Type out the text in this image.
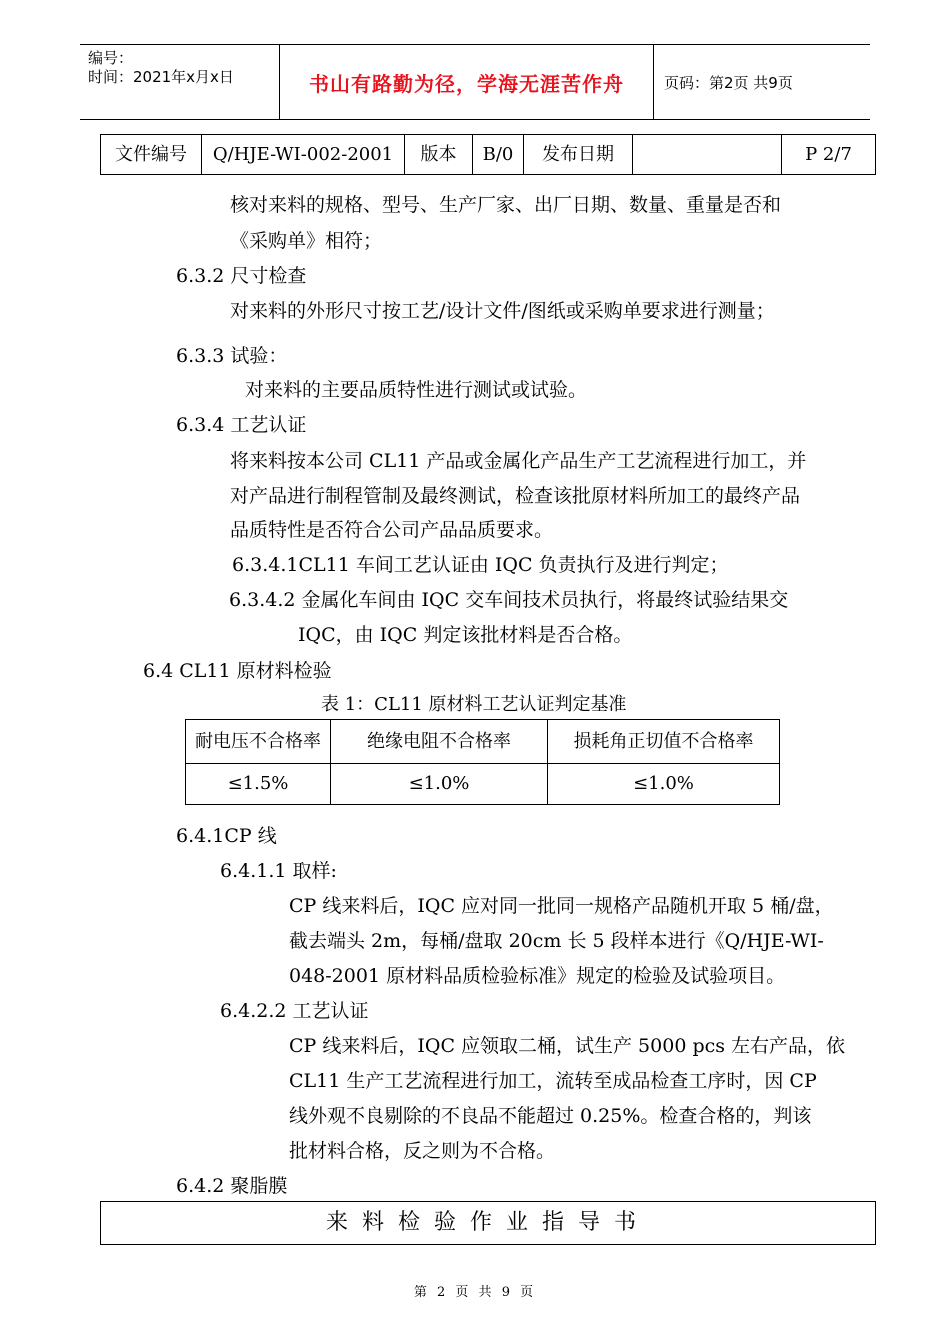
编号：
时间：2021年x月x日	书山有路勤为径，学海无涯苦作舟	页码：第2页 共9页
文件编号	Q/HJE-WI-002-2001	版本	B/0	发布日期	P 2/7
核对来料的规格、型号、生产厂家、出厂日期、数量、重量是否和
《采购单》相符；
6.3.2 尺寸检查
对来料的外形尺寸按工艺/设计文件/图纸或采购单要求进行测量；
6.3.3 试验：
对来料的主要品质特性进行测试或试验。
6.3.4 工艺认证
将来料按本公司 CL11 产品或金属化产品生产工艺流程进行加工，并
对产品进行制程管制及最终测试，检查该批原材料所加工的最终产品
品质特性是否符合公司产品品质要求。
6.3.4.1CL11 车间工艺认证由 IQC 负责执行及进行判定；
6.3.4.2 金属化车间由 IQC 交车间技术员执行，将最终试验结果交
IQC，由 IQC 判定该批材料是否合格。
6.4 CL11 原材料检验
表 1：CL11 原材料工艺认证判定基准
耐电压不合格率	绝缘电阻不合格率	损耗角正切值不合格率
≤1.5%	≤1.0%	≤1.0%
6.4.1CP 线
6.4.1.1 取样:
CP 线来料后，IQC 应对同一批同一规格产品随机开取 5 桶/盘，
截去端头 2m，每桶/盘取 20cm 长 5 段样本进行《Q/HJE-WI-
048-2001 原材料品质检验标准》规定的检验及试验项目。
6.4.2.2 工艺认证
CP 线来料后，IQC 应领取二桶，试生产 5000 pcs 左右产品，依
CL11 生产工艺流程进行加工，流转至成品检查工序时，因 CP
线外观不良剔除的不良品不能超过 0.25%。检查合格的，判该
批材料合格，反之则为不合格。
6.4.2 聚脂膜
来料检验作业指导书
第 2 页 共 9 页
